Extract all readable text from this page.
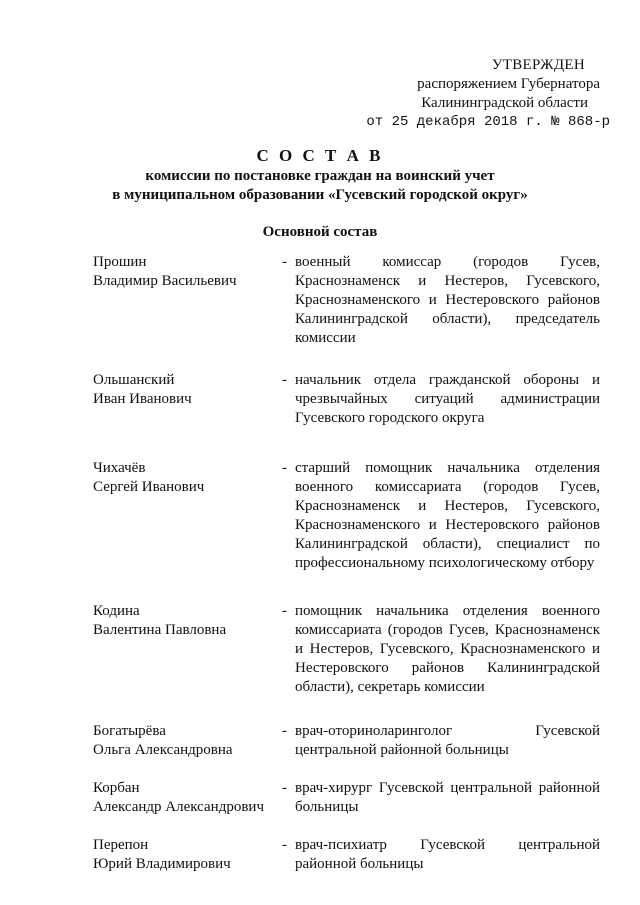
УТВЕРЖДЕН
распоряжением Губернатора
Калининградской области
от 25 декабря 2018 г. № 868-р
С О С Т А В
комиссии по постановке граждан на воинский учет
в муниципальном образовании «Гусевский городской округ»
Основной состав
Прошин
Владимир Васильевич
- военный комиссар (городов Гусев, Краснознаменск и Нестеров, Гусевского, Краснознаменского и Нестеровского районов Калининградской области), председатель комиссии
Ольшанский
Иван Иванович
- начальник отдела гражданской обороны и чрезвычайных ситуаций администрации Гусевского городского округа
Чихачёв
Сергей Иванович
- старший помощник начальника отделения военного комиссариата (городов Гусев, Краснознаменск и Нестеров, Гусевского, Краснознаменского и Нестеровского районов Калининградской области), специалист по профессиональному психологическому отбору
Кодина
Валентина Павловна
- помощник начальника отделения военного комиссариата (городов Гусев, Краснознаменск и Нестеров, Гусевского, Краснознаменского и Нестеровского районов Калининградской области), секретарь комиссии
Богатырёва
Ольга Александровна
- врач-оториноларинголог Гусевской центральной районной больницы
Корбан
Александр Александрович
- врач-хирург Гусевской центральной районной больницы
Перепон
Юрий Владимирович
- врач-психиатр Гусевской центральной районной больницы
